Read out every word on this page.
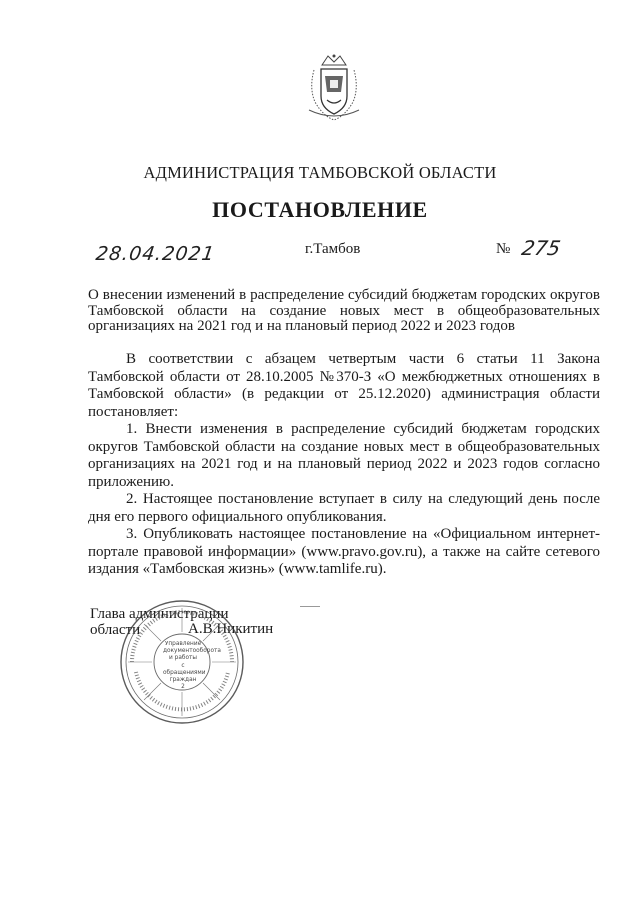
АДМИНИСТРАЦИЯ ТАМБОВСКОЙ ОБЛАСТИ
ПОСТАНОВЛЕНИЕ
28.04.2021	г.Тамбов	№ 275
О внесении изменений в распределение субсидий бюджетам городских округов Тамбовской области на создание новых мест в общеобразовательных организациях на 2021 год и на плановый период 2022 и 2023 годов

В соответствии с абзацем четвертым части 6 статьи 11 Закона Тамбовской области от 28.10.2005 №370-З «О межбюджетных отношениях в Тамбовской области» (в редакции от 25.12.2020) администрация области постановляет:

1. Внести изменения в распределение субсидий бюджетам городских округов Тамбовской области на создание новых мест в общеобразовательных организациях на 2021 год и на плановый период 2022 и 2023 годов согласно приложению.

2. Настоящее постановление вступает в силу на следующий день после дня его первого официального опубликования.

3. Опубликовать настоящее постановление на «Официальном интернет-портале правовой информации» (www.pravo.gov.ru), а также на сайте сетевого издания «Тамбовская жизнь» (www.tamlife.ru).

Глава администрации
области	А.В.Никитин
Управление
документооборота
и работы
с обращениями
граждан
2
